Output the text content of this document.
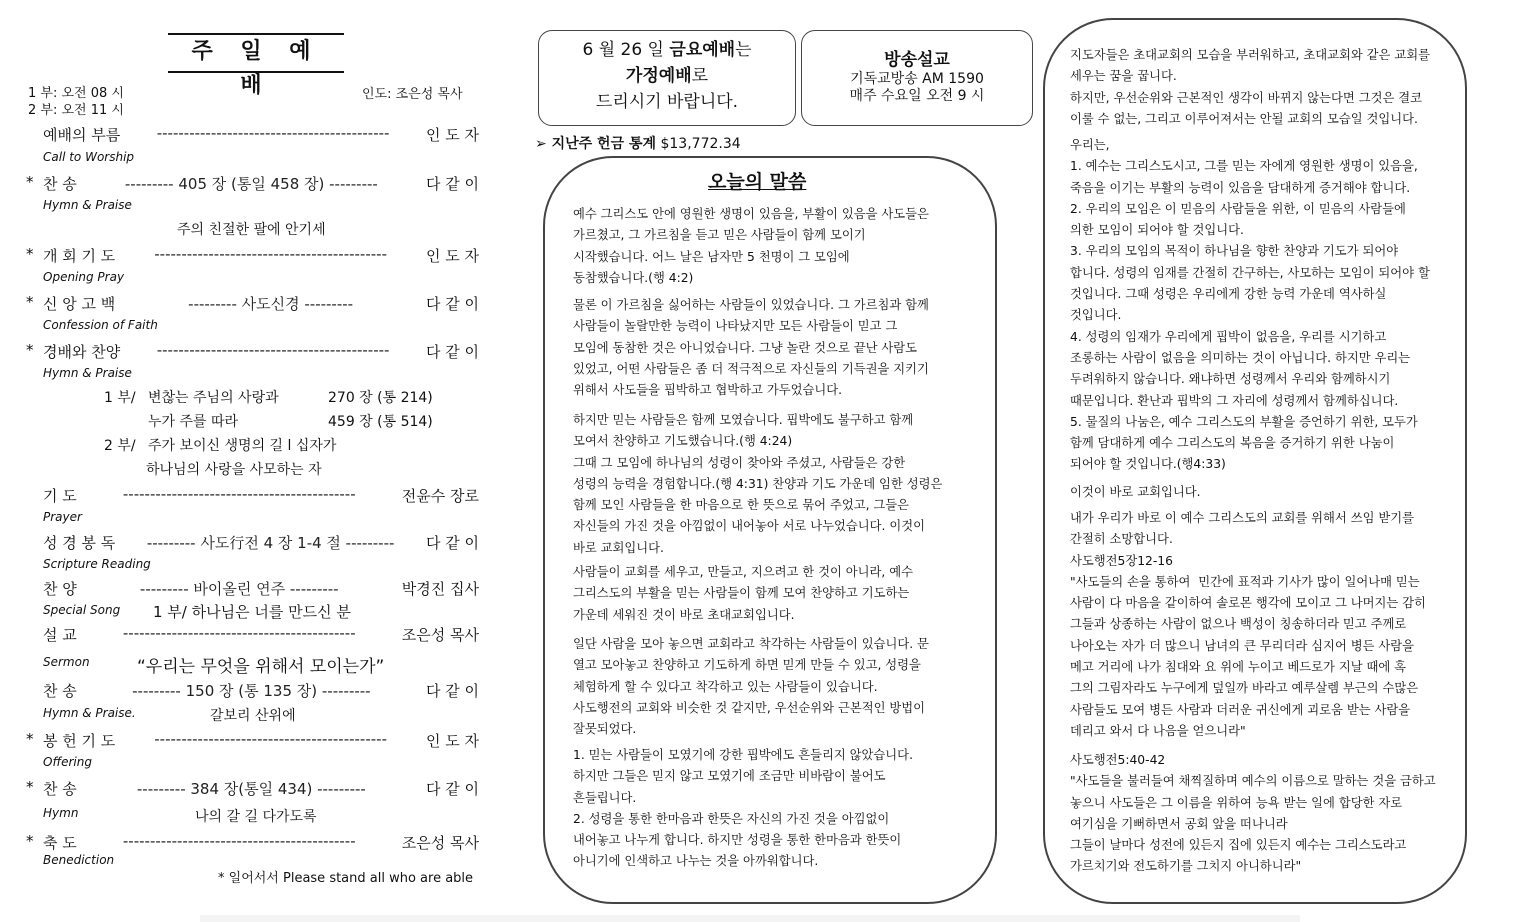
주 일 예 배
1 부: 오전 08 시
2 부: 오전 11 시
인도: 조은성 목사
예배의 부름	-------------------------------------------	인 도 자
Call to Worship
* 찬 송	--------- 405 장 (통일 458 장) ---------	다 같 이
Hymn & Praise
* 개 회 기 도	-------------------------------------------	인 도 자
Opening Pray
* 신 앙 고 백	--------- 사도신경 ---------	다 같 이
Confession of Faith
* 경배와 찬양	-------------------------------------------	다 같 이
Hymn & Praise
기 도	-------------------------------------------	전윤수 장로
Prayer
성 경 봉 독	--------- 사도行전 4 장 1-4 절 ---------	다 같 이
Scripture Reading
찬 양	--------- 바이올린 연주 ---------	박경진 집사
Special Song
설 교	-------------------------------------------	조은성 목사
Sermon
찬 송	--------- 150 장 (통 135 장) ---------	다 같 이
Hymn & Praise.
* 봉 헌 기 도	-------------------------------------------	인 도 자
Offering
* 찬 송	--------- 384 장(통일 434) ---------	다 같 이
Hymn
* 축 도	-------------------------------------------	조은성 목사
Benediction
주의 친절한 팔에 안기세
1 부/ 변찮는 주님의 사랑과	270 장 (통 214)
누가 주를 따라	459 장 (통 514)
2 부/ 주가 보이신 생명의 길 l 십자가
하나님의 사랑을 사모하는 자
1 부/ 하나님은 너를 만드신 분
“우리는 무엇을 위해서 모이는가”
갈보리 산위에
나의 갈 길 다가도록
* 일어서서 Please stand all who are able
6 월 26 일 금요예배는
가정예배로
드리시기 바랍니다.
방송설교
기독교방송 AM 1590
매주 수요일 오전 9 시
➢ 지난주 헌금 통계 $13,772.34
오늘의 말씀
예수 그리스도 안에 영원한 생명이 있음을, 부활이 있음을 사도들은
가르쳤고, 그 가르침을 듣고 믿은 사람들이 함께 모이기
시작했습니다. 어느 날은 남자만 5 천명이 그 모임에
동참했습니다.(행 4:2)
물론 이 가르침을 싫어하는 사람들이 있었습니다. 그 가르침과 함께
사람들이 놀랄만한 능력이 나타났지만 모든 사람들이 믿고 그
모임에 동참한 것은 아니었습니다. 그냥 놀란 것으로 끝난 사람도
있었고, 어떤 사람들은 좀 더 적극적으로 자신들의 기득권을 지키기
위해서 사도들을 핍박하고 협박하고 가두었습니다.
하지만 믿는 사람들은 함께 모였습니다. 핍박에도 불구하고 함께
모여서 찬양하고 기도했습니다.(행 4:24)
그때 그 모임에 하나님의 성령이 찾아와 주셨고, 사람들은 강한
성령의 능력을 경험합니다.(행 4:31) 찬양과 기도 가운데 임한 성령은
함께 모인 사람들을 한 마음으로 한 뜻으로 묶어 주었고, 그들은
자신들의 가진 것을 아낌없이 내어놓아 서로 나누었습니다. 이것이
바로 교회입니다.
사람들이 교회를 세우고, 만들고, 지으려고 한 것이 아니라, 예수
그리스도의 부활을 믿는 사람들이 함께 모여 찬양하고 기도하는
가운데 세워진 것이 바로 초대교회입니다.
일단 사람을 모아 놓으면 교회라고 착각하는 사람들이 있습니다. 문
열고 모아놓고 찬양하고 기도하게 하면 믿게 만들 수 있고, 성령을
체험하게 할 수 있다고 착각하고 있는 사람들이 있습니다.
사도행전의 교회와 비슷한 것 같지만, 우선순위와 근본적인 방법이
잘못되었다.
1. 믿는 사람들이 모였기에 강한 핍박에도 흔들리지 않았습니다.
하지만 그들은 믿지 않고 모였기에 조금만 비바람이 불어도
흔들립니다.
2. 성령을 통한 한마음과 한뜻은 자신의 가진 것을 아낌없이
내어놓고 나누게 합니다. 하지만 성령을 통한 한마음과 한뜻이
아니기에 인색하고 나누는 것을 아까워합니다.
지도자들은 초대교회의 모습을 부러워하고, 초대교회와 같은 교회를
세우는 꿈을 꿉니다.
하지만, 우선순위와 근본적인 생각이 바뀌지 않는다면 그것은 결코
이룰 수 없는, 그리고 이루어져서는 안될 교회의 모습일 것입니다.
우리는,
1. 예수는 그리스도시고, 그를 믿는 자에게 영원한 생명이 있음을,
죽음을 이기는 부활의 능력이 있음을 담대하게 증거해야 합니다.
2. 우리의 모임은 이 믿음의 사람들을 위한, 이 믿음의 사람들에
의한 모임이 되어야 할 것입니다.
3. 우리의 모임의 목적이 하나님을 향한 찬양과 기도가 되어야
합니다. 성령의 임재를 간절히 간구하는, 사모하는 모임이 되어야 할
것입니다. 그때 성령은 우리에게 강한 능력 가운데 역사하실
것입니다.
4. 성령의 임재가 우리에게 핍박이 없음을, 우리를 시기하고
조롱하는 사람이 없음을 의미하는 것이 아닙니다. 하지만 우리는
두려워하지 않습니다. 왜냐하면 성령께서 우리와 함께하시기
때문입니다. 환난과 핍박의 그 자리에 성령께서 함께하십니다.
5. 물질의 나눔은, 예수 그리스도의 부활을 증언하기 위한, 모두가
함께 담대하게 예수 그리스도의 복음을 증거하기 위한 나눔이
되어야 할 것입니다.(행4:33)
이것이 바로 교회입니다.
내가 우리가 바로 이 예수 그리스도의 교회를 위해서 쓰임 받기를
간절히 소망합니다.
사도행전5장12-16
"사도들의 손을 통하여  민간에 표적과 기사가 많이 일어나매 믿는
사람이 다 마음을 같이하여 솔로몬 행각에 모이고 그 나머지는 감히
그들과 상종하는 사람이 없으나 백성이 칭송하더라 믿고 주께로
나아오는 자가 더 많으니 남녀의 큰 무리더라 심지어 병든 사람을
메고 거리에 나가 침대와 요 위에 누이고 베드로가 지날 때에 혹
그의 그림자라도 누구에게 덮일까 바라고 예루살렘 부근의 수많은
사람들도 모여 병든 사람과 더러운 귀신에게 괴로움 받는 사람을
데리고 와서 다 나음을 얻으니라"
사도행전5:40-42
"사도들을 불러들여 채찍질하며 예수의 이름으로 말하는 것을 금하고
놓으니 사도들은 그 이름을 위하여 능욕 받는 일에 합당한 자로
여기심을 기뻐하면서 공회 앞을 떠나니라
그들이 날마다 성전에 있든지 집에 있든지 예수는 그리스도라고
가르치기와 전도하기를 그치지 아니하니라"
